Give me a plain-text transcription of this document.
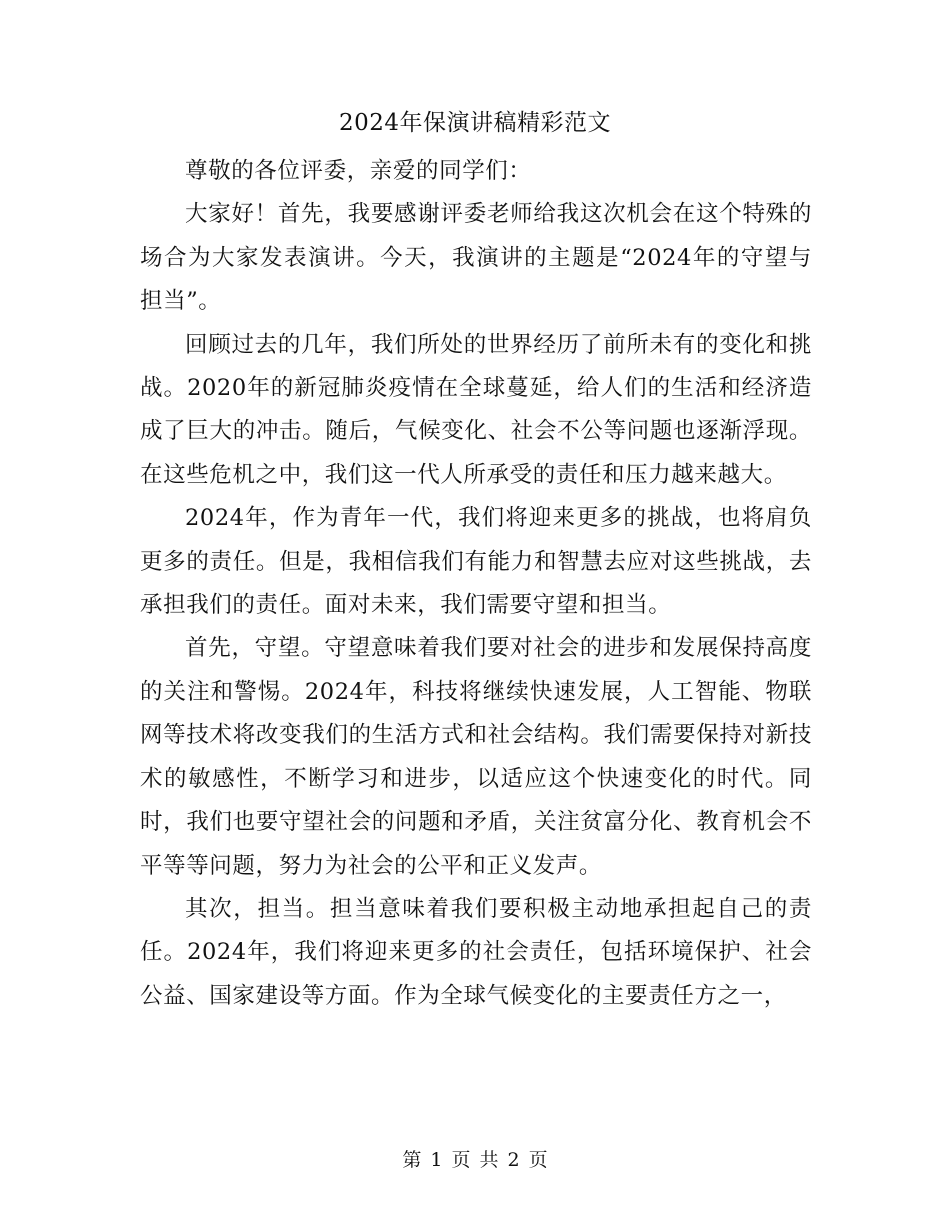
2024年保演讲稿精彩范文

尊敬的各位评委，亲爱的同学们：

大家好！首先，我要感谢评委老师给我这次机会在这个特殊的场合为大家发表演讲。今天，我演讲的主题是“2024年的守望与担当”。

回顾过去的几年，我们所处的世界经历了前所未有的变化和挑战。2020年的新冠肺炎疫情在全球蔓延，给人们的生活和经济造成了巨大的冲击。随后，气候变化、社会不公等问题也逐渐浮现。在这些危机之中，我们这一代人所承受的责任和压力越来越大。

2024年，作为青年一代，我们将迎来更多的挑战，也将肩负更多的责任。但是，我相信我们有能力和智慧去应对这些挑战，去承担我们的责任。面对未来，我们需要守望和担当。

首先，守望。守望意味着我们要对社会的进步和发展保持高度的关注和警惕。2024年，科技将继续快速发展，人工智能、物联网等技术将改变我们的生活方式和社会结构。我们需要保持对新技术的敏感性，不断学习和进步，以适应这个快速变化的时代。同时，我们也要守望社会的问题和矛盾，关注贫富分化、教育机会不平等等问题，努力为社会的公平和正义发声。

其次，担当。担当意味着我们要积极主动地承担起自己的责任。2024年，我们将迎来更多的社会责任，包括环境保护、社会公益、国家建设等方面。作为全球气候变化的主要责任方之一，

第 1 页 共 2 页
